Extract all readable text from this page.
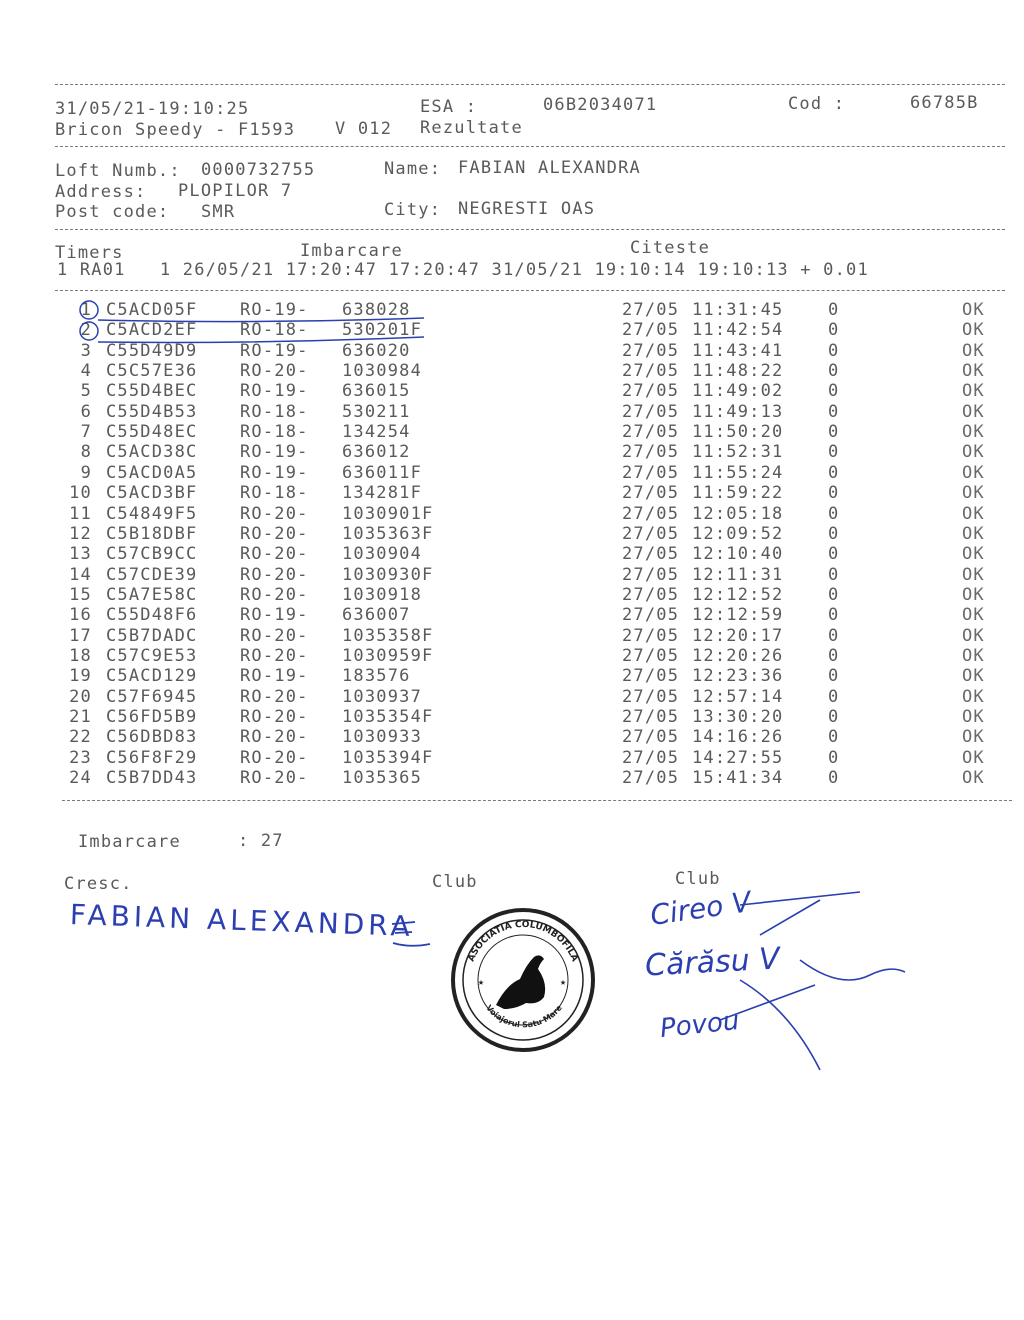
31/05/21-19:10:25	ESA :	06B2034071	Cod :	66785B
Bricon Speedy - F1593 V 012 Rezultate
Loft Numb.: 0000732755	Name: FABIAN ALEXANDRA
Address: PLOPILOR 7
Post code: SMR	City: NEGRESTI OAS
Timers	Imbarcare	Citeste
1 RA01   1 26/05/21 17:20:47 17:20:47 31/05/21 19:10:14 19:10:13 + 0.01
1 C5ACD05F	RO-19- 638028	27/05 11:31:45	0	OK
2 C5ACD2EF	RO-18- 530201F	27/05 11:42:54	0	OK
3 C55D49D9	RO-19- 636020	27/05 11:43:41	0	OK
4 C5C57E36	RO-20- 1030984	27/05 11:48:22	0	OK
5 C55D4BEC	RO-19- 636015	27/05 11:49:02	0	OK
6 C55D4B53	RO-18- 530211	27/05 11:49:13	0	OK
7 C55D48EC	RO-18- 134254	27/05 11:50:20	0	OK
8 C5ACD38C	RO-19- 636012	27/05 11:52:31	0	OK
9 C5ACD0A5	RO-19- 636011F	27/05 11:55:24	0	OK
10 C5ACD3BF	RO-18- 134281F	27/05 11:59:22	0	OK
11 C54849F5	RO-20- 1030901F	27/05 12:05:18	0	OK
12 C5B18DBF	RO-20- 1035363F	27/05 12:09:52	0	OK
13 C57CB9CC	RO-20- 1030904	27/05 12:10:40	0	OK
14 C57CDE39	RO-20- 1030930F	27/05 12:11:31	0	OK
15 C5A7E58C	RO-20- 1030918	27/05 12:12:52	0	OK
16 C55D48F6	RO-19- 636007	27/05 12:12:59	0	OK
17 C5B7DADC	RO-20- 1035358F	27/05 12:20:17	0	OK
18 C57C9E53	RO-20- 1030959F	27/05 12:20:26	0	OK
19 C5ACD129	RO-19- 183576	27/05 12:23:36	0	OK
20 C57F6945	RO-20- 1030937	27/05 12:57:14	0	OK
21 C56FD5B9	RO-20- 1035354F	27/05 13:30:20	0	OK
22 C56DBD83	RO-20- 1030933	27/05 14:16:26	0	OK
23 C56F8F29	RO-20- 1035394F	27/05 14:27:55	0	OK
24 C5B7DD43	RO-20- 1035365	27/05 15:41:34	0	OK
Imbarcare	: 27
Cresc.	Club	Club
FABIAN ALEXANDRA	Cireo V
Cărăsu V
Povou
ASOCIATIA COLUMBOFILA
Voiajorul Satu Mare
★	★
